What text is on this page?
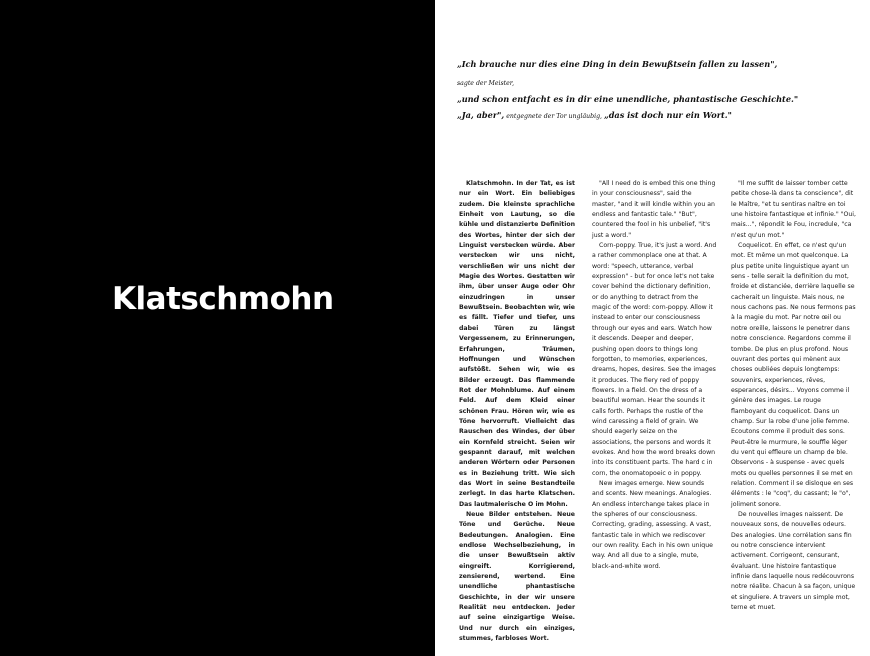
Klatschmohn

„Ich brauche nur dies eine Ding in dein Bewußtsein fallen zu lassen",

sagte der Meister,

„und schon entfacht es in dir eine unendliche, phantastische Geschichte."

„Ja, aber", entgegnete der Tor ungläubig, „das ist doch nur ein Wort."

Klatschmohn. In der Tat, es ist nur ein Wort. Ein beliebiges zudem. Die kleinste sprachliche Einheit von Lautung, so die kühle und distanzierte Definition des Wortes, hinter der sich der Linguist verstecken würde. Aber verstecken wir uns nicht, verschließen wir uns nicht der Magie des Wortes. Gestatten wir ihm, über unser Auge oder Ohr einzudringen in unser Bewußtsein. Beobachten wir, wie es fällt. Tiefer und tiefer, uns dabei Türen zu längst Vergessenem, zu Erinnerungen, Erfahrungen, Träumen, Hoffnungen und Wünschen aufstößt. Sehen wir, wie es Bilder erzeugt. Das flammende Rot der Mohnblume. Auf einem Feld. Auf dem Kleid einer schönen Frau. Hören wir, wie es Töne hervorruft. Vielleicht das Rauschen des Windes, der über ein Kornfeld streicht. Seien wir gespannt darauf, mit welchen anderen Wörtern oder Personen es in Beziehung tritt. Wie sich das Wort in seine Bestandteile zerlegt. In das harte Klatschen. Das lautmalerische O im Mohn.

Neue Bilder entstehen. Neue Töne und Gerüche. Neue Bedeutungen. Analogien. Eine endlose Wechselbeziehung, in die unser Bewußtsein aktiv eingreift. Korrigierend, zensierend, wertend. Eine unendliche phantastische Geschichte, in der wir unsere Realität neu entdecken. Jeder auf seine einzigartige Weise. Und nur durch ein einziges, stummes, farbloses Wort.

"All I need do is embed this one thing in your consciousness", said the master, "and it will kindle within you an endless and fantastic tale." "But", countered the fool in his unbelief, "it's just a word."

Corn-poppy. True, it's just a word. And a rather commonplace one at that. A word: "speech, utterance, verbal expression" - but for once let's not take cover behind the dictionary definition, or do anything to detract from the magic of the word: corn-poppy. Allow it instead to enter our consciousness through our eyes and ears. Watch how it descends. Deeper and deeper, pushing open doors to things long forgotten, to memories, experiences, dreams, hopes, desires. See the images it produces. The fiery red of poppy flowers. In a field. On the dress of a beautiful woman. Hear the sounds it calls forth. Perhaps the rustle of the wind caressing a field of grain. We should eagerly seize on the associations, the persons and words it evokes. And how the word breaks down into its constituent parts. The hard c in corn, the onomatopoeic o in poppy.

New images emerge. New sounds and scents. New meanings. Analogies. An endless interchange takes place in the spheres of our consciousness. Correcting, grading, assessing. A vast, fantastic tale in which we rediscover our own reality. Each in his own unique way. And all due to a single, mute, black-and-white word.

"Il me suffit de laisser tomber cette petite chose-là dans ta conscience", dit le Maître, "et tu sentiras naître en toi une histoire fantastique et infinie." "Oui, mais...", répondit le Fou, incredule, "ca n'est qu'un mot."

Coquelicot. En effet, ce n'est qu'un mot. Et même un mot quelconque. La plus petite unite linguistique ayant un sens - telle serait la definition du mot, froide et distanciée, derrière laquelle se cacherait un linguiste. Mais nous, ne nous cachons pas. Ne nous fermons pas à la magie du mot. Par notre œil ou notre oreille, laissons le penetrer dans notre conscience. Regardons comme il tombe. De plus en plus profond. Nous ouvrant des portes qui mènent aux choses oubliées depuis longtemps: souvenirs, experiences, rêves, esperances, désirs... Voyons comme il génère des images. Le rouge flamboyant du coquelicot. Dans un champ. Sur la robe d'une jolie femme. Ecoutons comme il produit des sons. Peut-être le murmure, le souffle léger du vent qui effleure un champ de ble. Observons - à suspense - avec quels mots ou quelles personnes il se met en relation. Comment il se disloque en ses éléments : le "coq", du cassant; le "o", joliment sonore.

De nouvelles images naissent. De nouveaux sons, de nouvelles odeurs. Des analogies. Une corrélation sans fin ou notre conscience intervient activement. Corrigeont, censurant, évaluant. Une histoire fantastique infinie dans laquelle nous redécouvrons notre réalite. Chacun à sa façon, unique et singuliere. A travers un simple mot, terne et muet.
